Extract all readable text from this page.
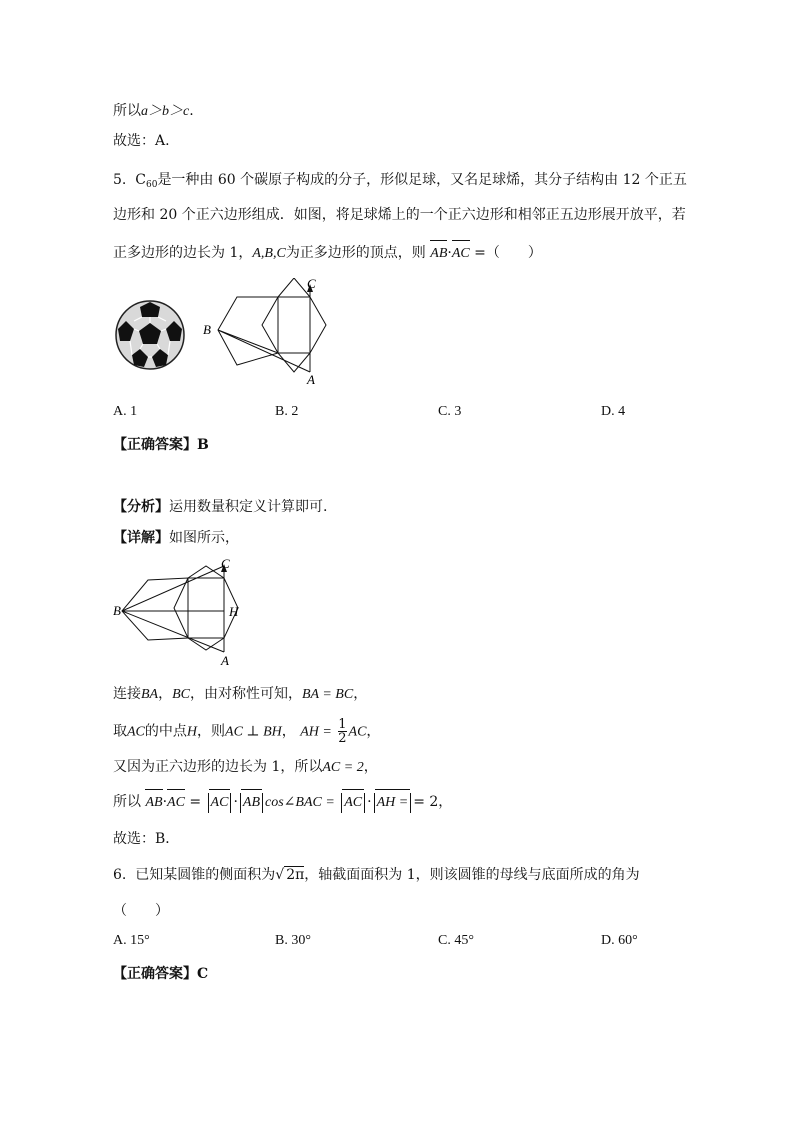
所以a＞b＞c.
故选：A.
5. $C_{60}$是一种由 60 个碳原子构成的分子，形似足球，又名足球烯，其分子结构由 12 个正五
边形和 20 个正六边形组成．如图，将足球烯上的一个正六边形和相邻正五边形展开放平，若
正多边形的边长为 1，A,B,C为正多边形的顶点，则 AB·AC =（　　）
C
B
A
A. 1	B. 2	C. 3	D. 4
【正确答案】B
【分析】运用数量积定义计算即可.
【详解】如图所示，
C
B	H
A
连接BA，BC，由对称性可知，BA = BC，
取AC的中点H，则AC ⊥ BH， AH = $\frac{1}{2}$ AC，
又因为正六边形的边长为 1，所以AC = 2，
所以 AB·AC = AC · AB cos∠BAC = AC · AH = = 2，
故选：B．
6. 已知某圆锥的侧面积为√ 2π，轴截面面积为 1，则该圆锥的母线与底面所成的角为
（　　）
A. 15°	B. 30°	C. 45°	D. 60°
【正确答案】C
